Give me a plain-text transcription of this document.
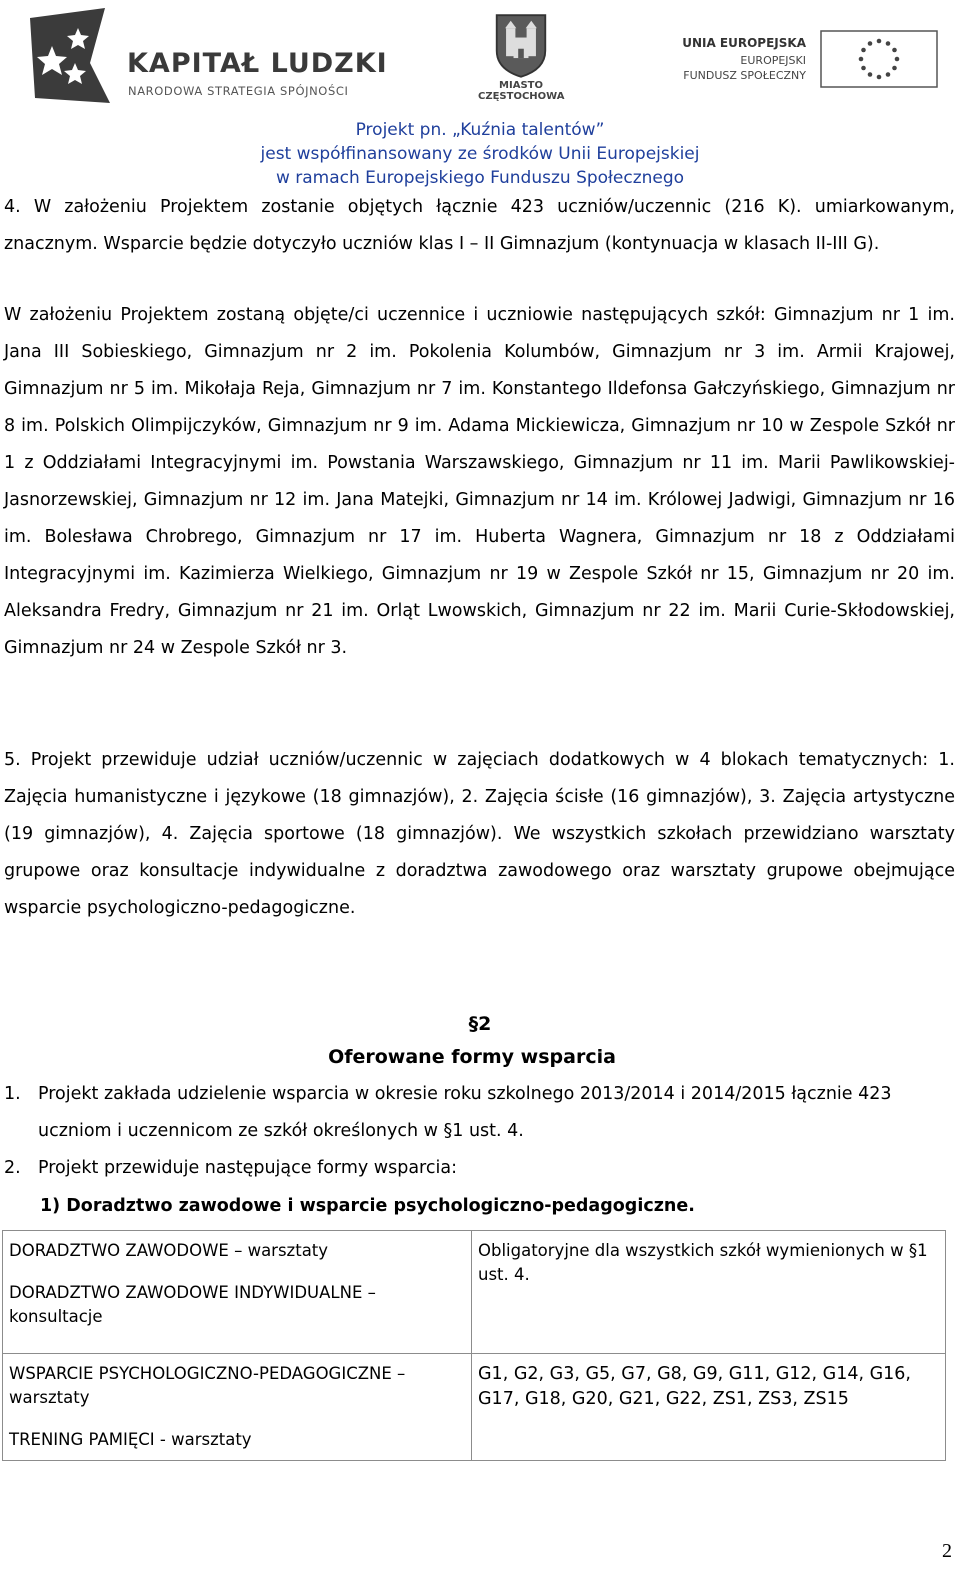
KAPITAŁ LUDZKI
NARODOWA STRATEGIA SPÓJNOŚCI	MIASTO
CZĘSTOCHOWA
UNIA EUROPEJSKA
EUROPEJSKI
FUNDUSZ SPOŁECZNY
Projekt pn. „Kuźnia talentów”
jest współfinansowany ze środków Unii Europejskiej
w ramach Europejskiego Funduszu Społecznego

4. W założeniu Projektem zostanie objętych łącznie 423 uczniów/uczennic (216 K). umiarkowanym, znacznym. Wsparcie będzie dotyczyło uczniów klas I – II Gimnazjum (kontynuacja w klasach II-III G).

W założeniu Projektem zostaną objęte/ci uczennice i uczniowie następujących szkół: Gimnazjum nr 1 im. Jana III Sobieskiego, Gimnazjum nr 2 im. Pokolenia Kolumbów, Gimnazjum nr 3 im. Armii Krajowej, Gimnazjum nr 5 im. Mikołaja Reja, Gimnazjum nr 7 im. Konstantego Ildefonsa Gałczyńskiego, Gimnazjum nr 8 im. Polskich Olimpijczyków, Gimnazjum nr 9 im. Adama Mickiewicza, Gimnazjum nr 10 w Zespole Szkół nr 1 z Oddziałami Integracyjnymi im. Powstania Warszawskiego, Gimnazjum nr 11 im. Marii Pawlikowskiej-Jasnorzewskiej, Gimnazjum nr 12 im. Jana Matejki, Gimnazjum nr 14 im. Królowej Jadwigi, Gimnazjum nr 16 im. Bolesława Chrobrego, Gimnazjum nr 17 im. Huberta Wagnera, Gimnazjum nr 18 z Oddziałami Integracyjnymi im. Kazimierza Wielkiego, Gimnazjum nr 19 w Zespole Szkół nr 15, Gimnazjum nr 20 im. Aleksandra Fredry, Gimnazjum nr 21 im. Orląt Lwowskich, Gimnazjum nr 22 im. Marii Curie-Skłodowskiej, Gimnazjum nr 24 w Zespole Szkół nr 3.

5. Projekt przewiduje udział uczniów/uczennic w zajęciach dodatkowych w 4 blokach tematycznych: 1. Zajęcia humanistyczne i językowe (18 gimnazjów), 2. Zajęcia ścisłe (16 gimnazjów), 3. Zajęcia artystyczne (19 gimnazjów), 4. Zajęcia sportowe (18 gimnazjów). We wszystkich szkołach przewidziano warsztaty grupowe oraz konsultacje indywidualne z doradztwa zawodowego oraz warsztaty grupowe obejmujące wsparcie psychologiczno-pedagogiczne.

§2
Oferowane formy wsparcia
1. Projekt zakłada udzielenie wsparcia w okresie roku szkolnego 2013/2014 i 2014/2015 łącznie 423 uczniom i uczennicom ze szkół określonych w §1 ust. 4.
2. Projekt przewiduje następujące formy wsparcia:
1) Doradztwo zawodowe i wsparcie psychologiczno-pedagogiczne.
DORADZTWO ZAWODOWE – warsztaty
DORADZTWO ZAWODOWE INDYWIDUALNE – konsultacje	Obligatoryjne dla wszystkich szkół wymienionych w §1 ust. 4.

WSPARCIE PSYCHOLOGICZNO-PEDAGOGICZNE – warsztaty
TRENING PAMIĘCI - warsztaty	G1, G2, G3, G5, G7, G8, G9, G11, G12, G14, G16, G17, G18, G20, G21, G22, ZS1, ZS3, ZS15
2
